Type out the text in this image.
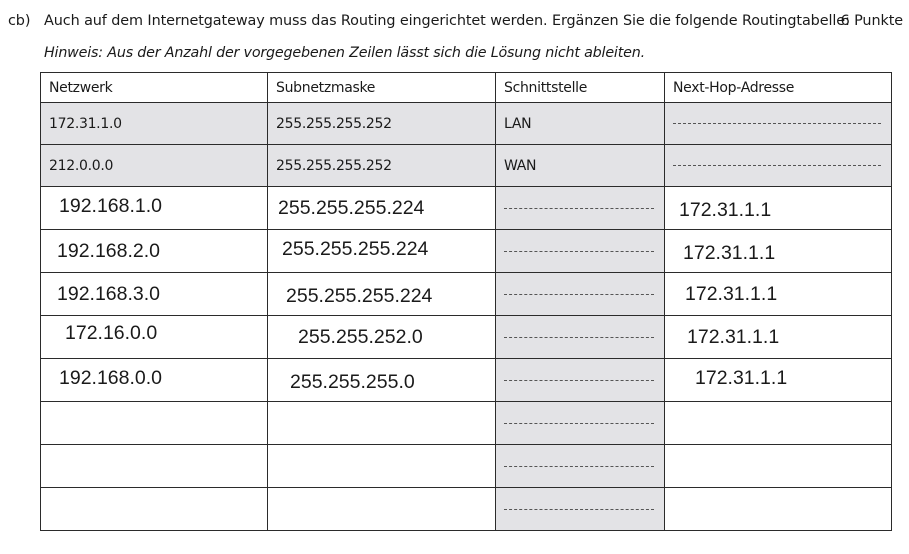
cb) Auch auf dem Internetgateway muss das Routing eingerichtet werden. Ergänzen Sie die folgende Routingtabelle:
6 Punkte
Hinweis: Aus der Anzahl der vorgegebenen Zeilen lässt sich die Lösung nicht ableiten.
Netzwerk	Subnetzmaske	Schnittstelle	Next-Hop-Adresse
172.31.1.0	255.255.255.252	LAN	

212.0.0.0	255.255.255.252	WAN	

192.168.1.0	255.255.255.224		172.31.1.1
192.168.2.0	255.255.255.224		172.31.1.1
192.168.3.0	255.255.255.224		172.31.1.1
172.16.0.0	255.255.252.0		172.31.1.1
192.168.0.0	255.255.255.0		172.31.1.1
